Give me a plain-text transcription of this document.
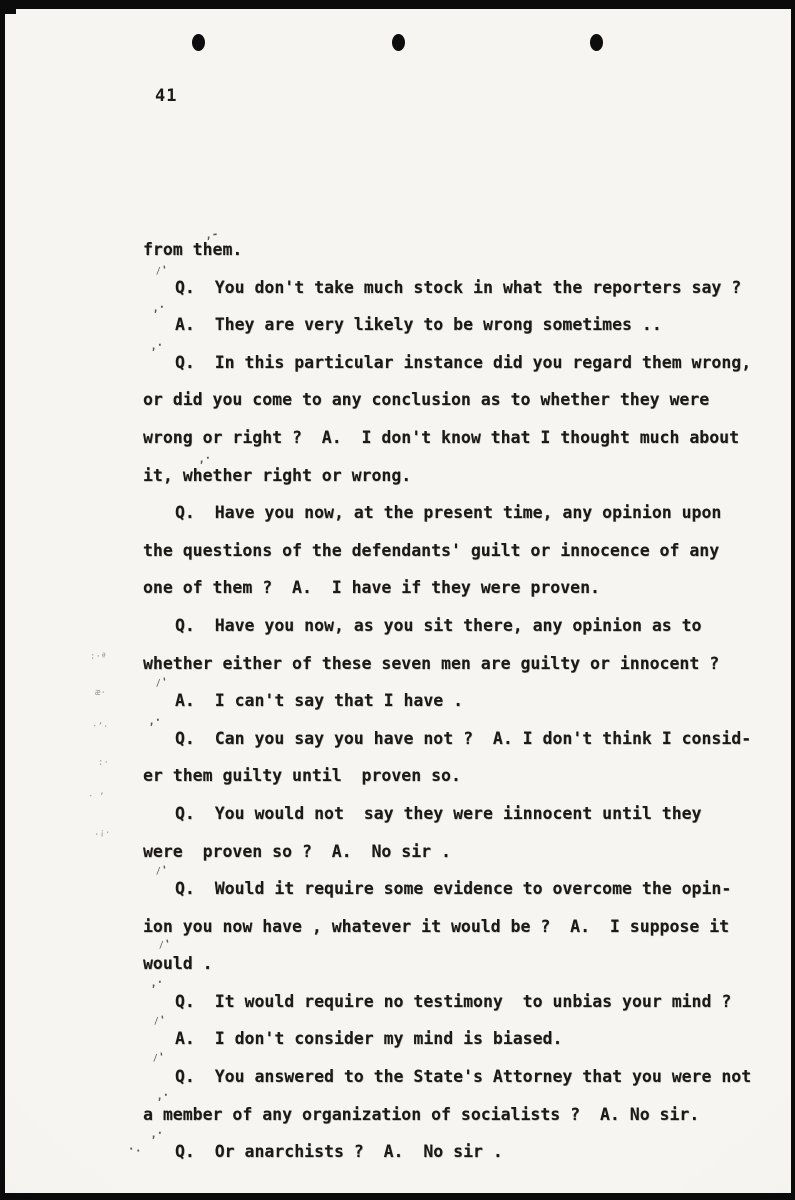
41
from them.
Q.  You don't take much stock in what the reporters say ?
A.  They are very likely to be wrong sometimes ..
Q.  In this particular instance did you regard them wrong,
or did you come to any conclusion as to whether they were
wrong or right ?  A.  I don't know that I thought much about
it, whether right or wrong.
Q.  Have you now, at the present time, any opinion upon
the questions of the defendants' guilt or innocence of any
one of them ?  A.  I have if they were proven.
Q.  Have you now, as you sit there, any opinion as to
whether either of these seven men are guilty or innocent ?
A.  I can't say that I have .
Q.  Can you say you have not ?  A. I don't think I consid-
er them guilty until  proven so.
Q.  You would not  say they were iinnocent until they
were  proven so ?  A.  No sir .
Q.  Would it require some evidence to overcome the opin-
ion you now have , whatever it would be ?  A.  I suppose it
would .
Q.  It would require no testimony  to unbias your mind ?
A.  I don't consider my mind is biased.
Q.  You answered to the State's Attorney that you were not
a member of any organization of socialists ?  A. No sir.
Q.  Or anarchists ?  A.  No sir .
,-
⁄'
,·
,·
,·
⁄'
,·
⁄'
⁄'
,·
⁄'
⁄'
,·
,·
·.
:·ª
æ·
·ʼ·
:·
· ʼ
.¡·
